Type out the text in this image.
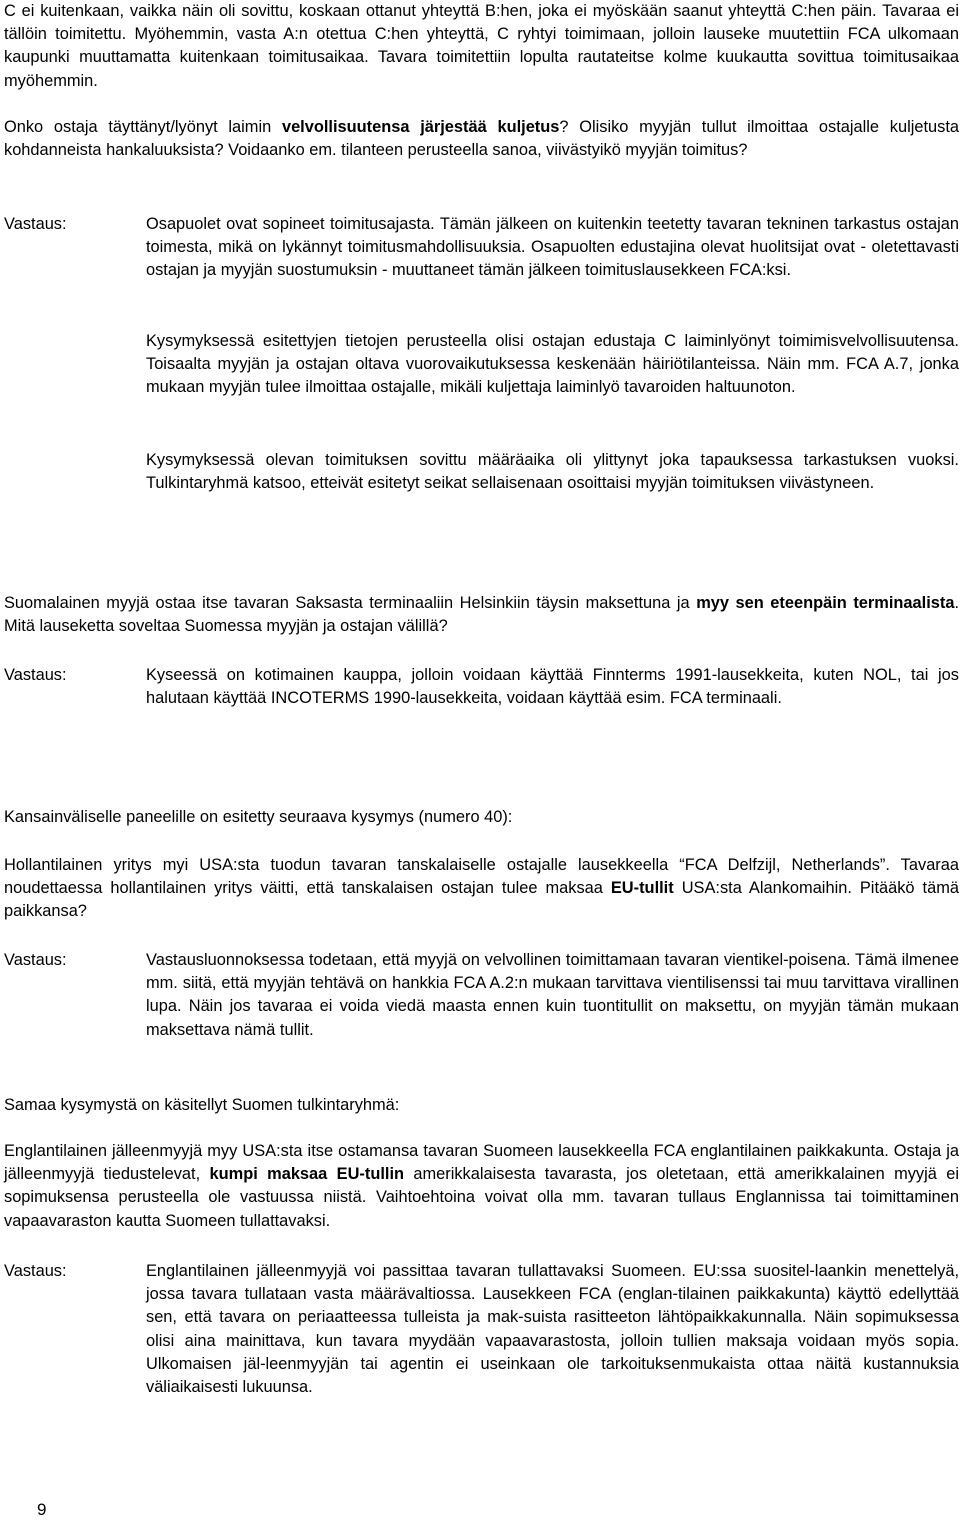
C ei kuitenkaan, vaikka näin oli sovittu, koskaan ottanut yhteyttä B:hen, joka ei myöskään saanut yhteyttä C:hen päin. Tavaraa ei tällöin toimitettu. Myöhemmin, vasta A:n otettua C:hen yhteyttä, C ryhtyi toimimaan, jolloin lauseke muutettiin FCA ulkomaan kaupunki muuttamatta kuitenkaan toimitusaikaa. Tavara toimitettiin lopulta rautateitse kolme kuukautta sovittua toimitusaikaa myöhemmin.

Onko ostaja täyttänyt/lyönyt laimin velvollisuutensa järjestää kuljetus? Olisiko myyjän tullut ilmoittaa ostajalle kuljetusta kohdanneista hankaluuksista? Voidaanko em. tilanteen perusteella sanoa, viivästyikö myyjän toimitus?

Vastaus:	Osapuolet ovat sopineet toimitusajasta. Tämän jälkeen on kuitenkin teetetty tavaran tekninen tarkastus ostajan toimesta, mikä on lykännyt toimitusmahdollisuuksia. Osapuolten edustajina olevat huolitsijat ovat - oletettavasti ostajan ja myyjän suostumuksin - muuttaneet tämän jälkeen toimituslausekkeen FCA:ksi.

Kysymyksessä esitettyjen tietojen perusteella olisi ostajan edustaja C laiminlyönyt toimimisvelvollisuutensa. Toisaalta myyjän ja ostajan oltava vuorovaikutuksessa keskenään häiriötilanteissa. Näin mm. FCA A.7, jonka mukaan myyjän tulee ilmoittaa ostajalle, mikäli kuljettaja laiminlyö tavaroiden haltuunoton.

Kysymyksessä olevan toimituksen sovittu määräaika oli ylittynyt joka tapauksessa tarkastuksen vuoksi. Tulkintaryhmä katsoo, etteivät esitetyt seikat sellaisenaan osoittaisi myyjän toimituksen viivästyneen.

Suomalainen myyjä ostaa itse tavaran Saksasta terminaaliin Helsinkiin täysin maksettuna ja myy sen eteenpäin terminaalista. Mitä lauseketta soveltaa Suomessa myyjän ja ostajan välillä?

Vastaus:	Kyseessä on kotimainen kauppa, jolloin voidaan käyttää Finnterms 1991-lausekkeita, kuten NOL, tai jos halutaan käyttää INCOTERMS 1990-lausekkeita, voidaan käyttää esim. FCA terminaali.

Kansainväliselle paneelille on esitetty seuraava kysymys (numero 40):

Hollantilainen yritys myi USA:sta tuodun tavaran tanskalaiselle ostajalle lausekkeella “FCA Delfzijl, Netherlands”. Tavaraa noudettaessa hollantilainen yritys väitti, että tanskalaisen ostajan tulee maksaa EU-tullit USA:sta Alankomaihin. Pitääkö tämä paikkansa?

Vastaus:	Vastausluonnoksessa todetaan, että myyjä on velvollinen toimittamaan tavaran vientikel-poisena. Tämä ilmenee mm. siitä, että myyjän tehtävä on hankkia FCA A.2:n mukaan tarvittava vientilisenssi tai muu tarvittava virallinen lupa. Näin jos tavaraa ei voida viedä maasta ennen kuin tuontitullit on maksettu, on myyjän tämän mukaan maksettava nämä tullit.

Samaa kysymystä on käsitellyt Suomen tulkintaryhmä:

Englantilainen jälleenmyyjä myy USA:sta itse ostamansa tavaran Suomeen lausekkeella FCA englantilainen paikkakunta. Ostaja ja jälleenmyyjä tiedustelevat, kumpi maksaa EU-tullin amerikkalaisesta tavarasta, jos oletetaan, että amerikkalainen myyjä ei sopimuksensa perusteella ole vastuussa niistä. Vaihtoehtoina voivat olla mm. tavaran tullaus Englannissa tai toimittaminen vapaavaraston kautta Suomeen tullattavaksi.

Vastaus:	Englantilainen jälleenmyyjä voi passittaa tavaran tullattavaksi Suomeen. EU:ssa suositel-laankin menettelyä, jossa tavara tullataan vasta määrävaltiossa. Lausekkeen FCA (englan-tilainen paikkakunta) käyttö edellyttää sen, että tavara on periaatteessa tulleista ja mak-suista rasitteeton lähtöpaikkakunnalla. Näin sopimuksessa olisi aina mainittava, kun tavara myydään vapaavarastosta, jolloin tullien maksaja voidaan myös sopia. Ulkomaisen jäl-leenmyyjän tai agentin ei useinkaan ole tarkoituksenmukaista ottaa näitä kustannuksia väliaikaisesti lukuunsa.

9
